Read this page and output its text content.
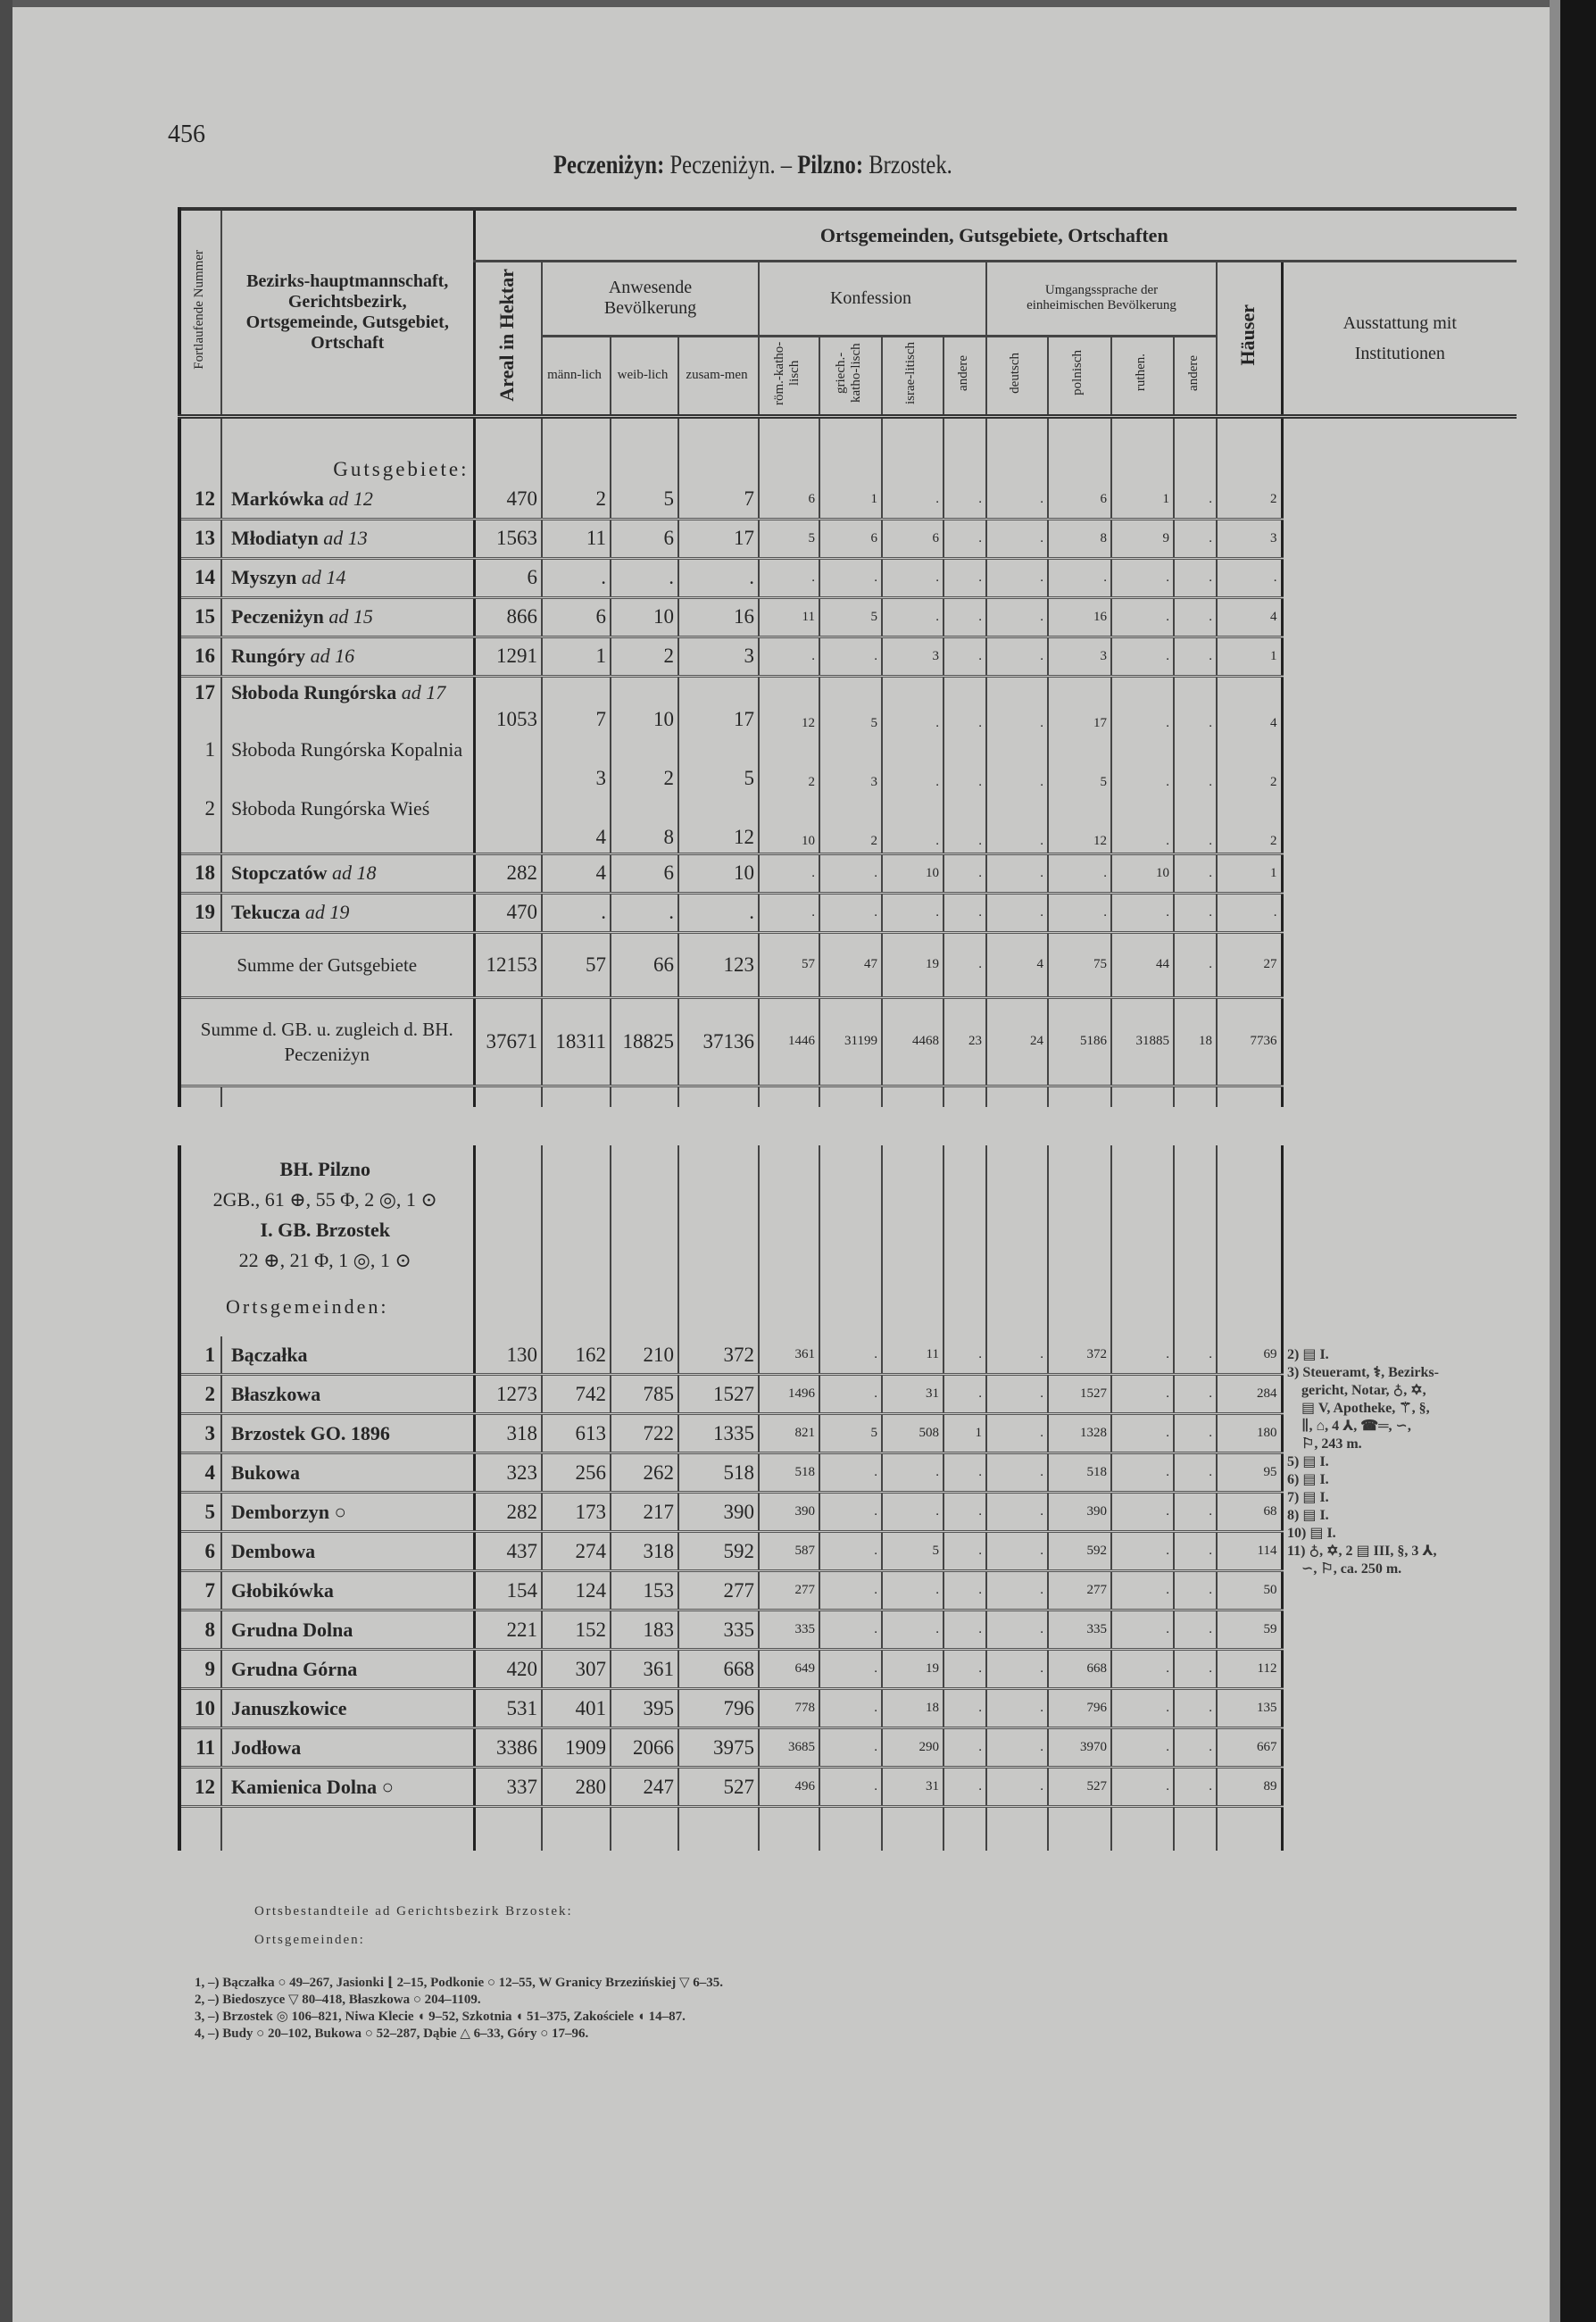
456
Peczeniżyn: Peczeniżyn. – Pilzno: Brzostek.
Fortlaufende Nummer	Bezirks-hauptmannschaft, Gerichtsbezirk, Ortsgemeinde, Gutsgebiet, Ortschaft	Ortsgemeinden, Gutsgebiete, Ortschaften													
		Areal in Hektar	Anwesende Bevölkerung			Konfession				Umgangssprache der einheimischen Bevölkerung				Häuser	Ausstattung mit Institutionen
			männ-lich	weib-lich	zusam-men	röm.-katho-lisch	griech.-katho-lisch	israe-litisch	andere	deutsch	polnisch	ruthen.	andere		
	Gutsgebiete:														
12	Markówka ad 12	470	2	5	7	6	1	.	.	.	6	1	.	2	
13	Młodiatyn ad 13	1563	11	6	17	5	6	6	.	.	8	9	.	3	
14	Myszyn ad 14	6	.	.	.	.	.	.	.	.	.	.	.	.	
15	Peczeniżyn ad 15	866	6	10	16	11	5	.	.	.	16	.	.	4	
16	Rungóry ad 16	1291	1	2	3	.	.	3	.	.	3	.	.	1	
17	Słoboda Rungórska ad 17	1053	7	10	17	12	5	.	.	.	17	.	.	4	
1	Słoboda Rungórska Kopalnia		3	2	5	2	3	.	.	.	5	.	.	2	
2	Słoboda Rungórska Wieś		4	8	12	10	2	.	.	.	12	.	.	2	
18	Stopczatów ad 18	282	4	6	10	.	.	10	.	.	.	10	.	1	
19	Tekucza ad 19	470	.	.	.	.	.	.	.	.	.	.	.	.	
Summe der Gutsgebiete		12153	57	66	123	57	47	19	.	4	75	44	.	27	
Summe d. GB. u. zugleich d. BH. Peczeniżyn		37671	18311	18825	37136	1446	31199	4468	23	24	5186	31885	18	7736	

BH. Pilzno
2GB., 61 ⊕, 55 Φ, 2 ◎, 1 ⊙
I. GB. Brzostek
22 ⊕, 21 Φ, 1 ◎, 1 ⊙
Ortsgemeinden:															

1	Bączałka	130	162	210	372	361	.	11	.	.	372	.	.	69	
2	Błaszkowa	1273	742	785	1527	1496	.	31	.	.	1527	.	.	284	
3	Brzostek GO. 1896	318	613	722	1335	821	5	508	1	.	1328	.	.	180	
4	Bukowa	323	256	262	518	518	.	.	.	.	518	.	.	95	
5	Demborzyn ○	282	173	217	390	390	.	.	.	.	390	.	.	68	
6	Dembowa	437	274	318	592	587	.	5	.	.	592	.	.	114	
7	Głobikówka	154	124	153	277	277	.	.	.	.	277	.	.	50	
8	Grudna Dolna	221	152	183	335	335	.	.	.	.	335	.	.	59	
9	Grudna Górna	420	307	361	668	649	.	19	.	.	668	.	.	112	
10	Januszkowice	531	401	395	796	778	.	18	.	.	796	.	.	135	
11	Jodłowa	3386	1909	2066	3975	3685	.	290	.	.	3970	.	.	667	
12	Kamienica Dolna ○	337	280	247	527	496	.	31	.	.	527	.	.	89	

2) ▤ I.
3) Steueramt, ⚕, Bezirks-
gericht, Notar, ♁, ✡,
▤ V, Apotheke, ⚚, §,
∥, ⌂, 4 ⅄, ☎═, ∽,
⚐, 243 m.
5) ▤ I.
6) ▤ I.
7) ▤ I.
8) ▤ I.
10) ▤ I.
11) ♁, ✡, 2 ▤ III, §, 3 ⅄,
∽, ⚐, ca. 250 m.
Ortsbestandteile ad Gerichtsbezirk Brzostek:
Ortsgemeinden:
1, –) Bączałka ○ 49–267, Jasionki ⌊ 2–15, Podkonie ○ 12–55, W Granicy Brzezińskiej ▽ 6–35.
2, –) Biedoszyce ▽ 80–418, Błaszkowa ○ 204–1109.
3, –) Brzostek ◎ 106–821, Niwa Klecie ◖ 9–52, Szkotnia ◖ 51–375, Zakościele ◖ 14–87.
4, –) Budy ○ 20–102, Bukowa ○ 52–287, Dąbie △ 6–33, Góry ○ 17–96.
